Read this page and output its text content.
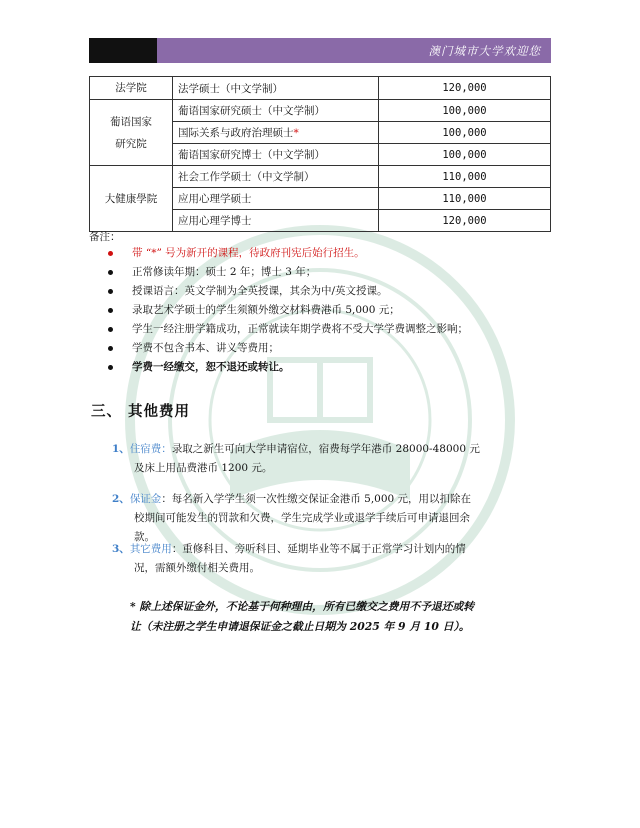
澳门城市大学欢迎您
法学院	法学硕士（中文学制）	120,000
葡语国家
研究院	葡语国家研究硕士（中文学制）	100,000
	国际关系与政府治理硕士*	100,000
	葡语国家研究博士（中文学制）	100,000
大健康學院	社会工作学硕士（中文学制）	110,000
	应用心理学硕士	110,000
	应用心理学博士	120,000
备注：
带 “*” 号为新开的课程，待政府刊宪后始行招生。
正常修读年期：硕士 2 年；博士 3 年；
授课语言：英文学制为全英授课，其余为中/英文授课。
录取艺术学硕士的学生须额外缴交材料费港币 5,000 元；
学生一经注册学籍成功，正常就读年期学费将不受大学学费调整之影响；
学费不包含书本、讲义等费用；
学费一经缴交，恕不退还或转让。
三、 其他费用
1、住宿费：录取之新生可向大学申请宿位，宿费每学年港币 28000-48000 元
及床上用品费港币 1200 元。
2、保证金：每名新入学学生须一次性缴交保证金港币 5,000 元，用以扣除在
校期间可能发生的罚款和欠费，学生完成学业或退学手续后可申请退回余
款。
3、其它费用：重修科目、旁听科目、延期毕业等不属于正常学习计划内的情
况，需额外缴付相关费用。
* 除上述保证金外，不论基于何种理由，所有已缴交之费用不予退还或转
让（未注册之学生申请退保证金之截止日期为 2025 年 9 月 10 日）。
